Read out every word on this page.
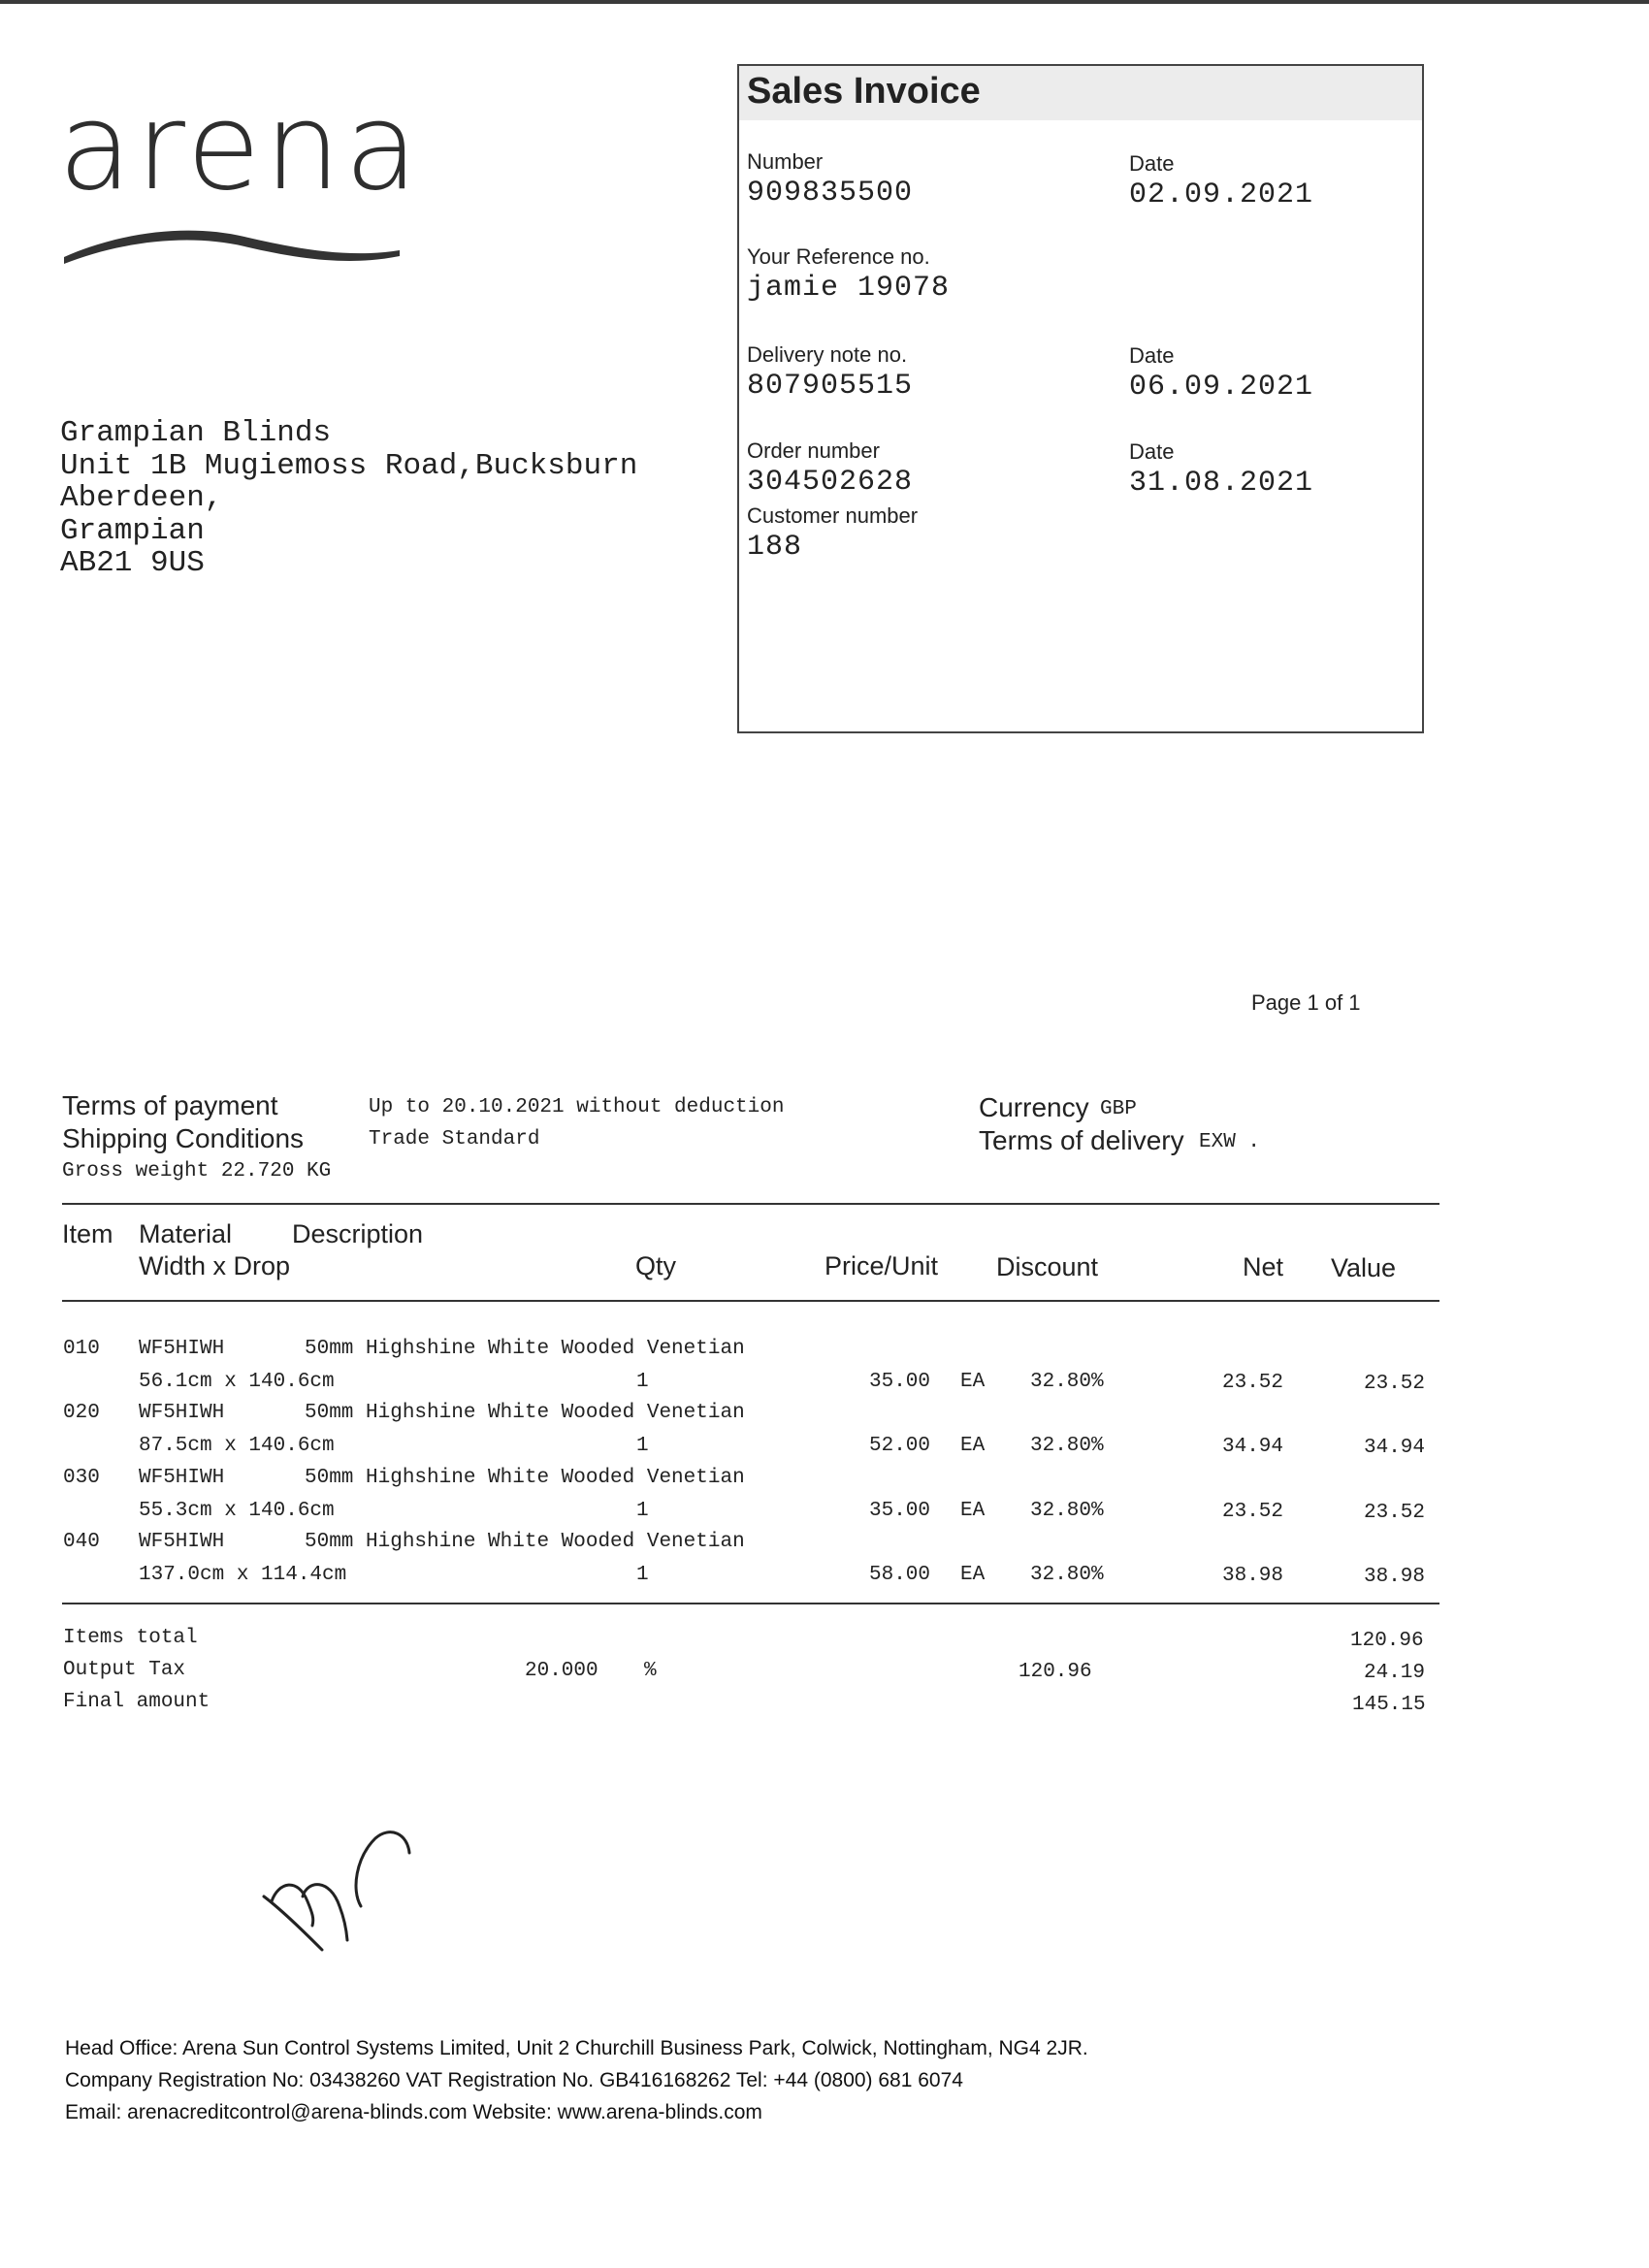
arena
Grampian Blinds
Unit 1B Mugiemoss Road,Bucksburn
Aberdeen,
Grampian
AB21 9US
Sales Invoice
Number
909835500
Date
02.09.2021
Your Reference no.
jamie 19078
Delivery note no.
807905515
Date
06.09.2021
Order number
304502628
Date
31.08.2021
Customer number
188
Page 1 of 1
Terms of payment	Up to 20.10.2021 without deduction
Shipping Conditions	Trade Standard
Gross weight 22.720 KG
Currency GBP
Terms of delivery EXW .
Item Material Description
Width x Drop	Qty	Price/Unit Discount	Net Value
010 WF5HIWH	50mm Highshine White Wooded Venetian
56.1cm x 140.6cm	1	35.00 EA 32.80%	23.52	23.52
020 WF5HIWH	50mm Highshine White Wooded Venetian
87.5cm x 140.6cm	1	52.00 EA 32.80%	34.94	34.94
030 WF5HIWH	50mm Highshine White Wooded Venetian
55.3cm x 140.6cm	1	35.00 EA 32.80%	23.52	23.52
040 WF5HIWH	50mm Highshine White Wooded Venetian
137.0cm x 114.4cm	1	58.00 EA 32.80%	38.98	38.98
Items total	120.96
Output Tax	20.000 %	120.96	24.19
Final amount	145.15
Head Office: Arena Sun Control Systems Limited, Unit 2 Churchill Business Park, Colwick, Nottingham, NG4 2JR.
Company Registration No: 03438260 VAT Registration No. GB416168262 Tel: +44 (0800) 681 6074
Email: arenacreditcontrol@arena-blinds.com Website: www.arena-blinds.com
